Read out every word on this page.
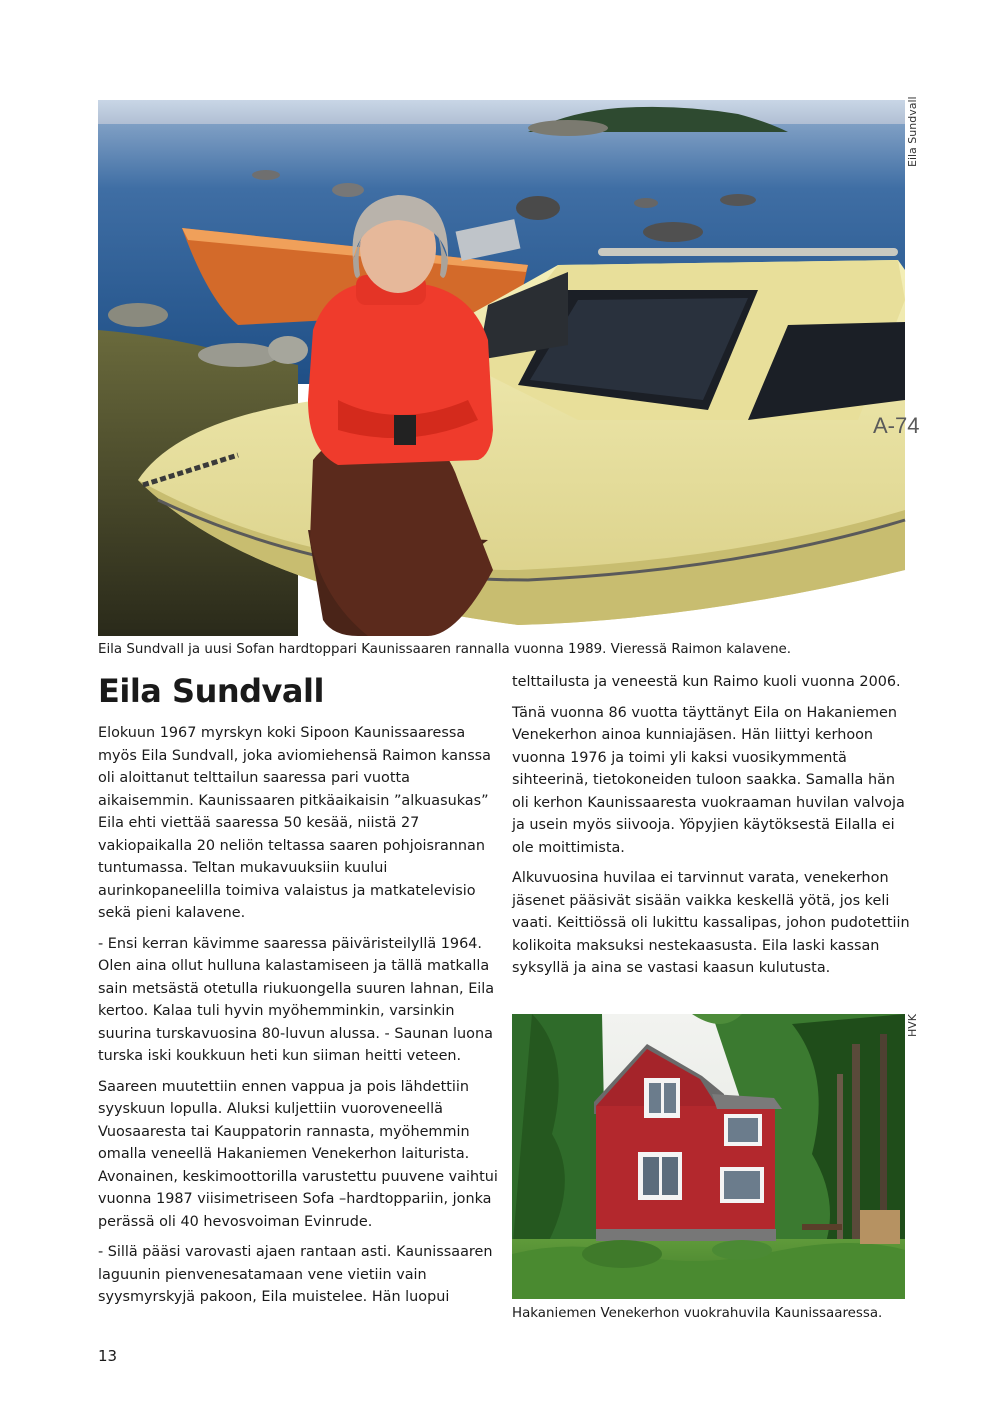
A-74
Eila Sundvall
Eila Sundvall ja uusi Sofan hardtoppari Kaunissaaren rannalla vuonna 1989. Vieressä Raimon kalavene.
Eila Sundvall

Elokuun 1967 myrskyn koki Sipoon Kaunissaaressa myös Eila Sundvall, joka aviomiehensä Raimon kanssa oli aloittanut telttailun saaressa pari vuotta aikaisemmin. Kaunissaaren pitkäaikaisin ”alkuasukas” Eila ehti viettää saaressa 50 kesää, niistä 27 vakiopaikalla 20 neliön teltassa saaren pohjoisrannan tuntumassa. Teltan mukavuuksiin kuului aurinkopaneelilla toimiva valaistus ja matkatelevisio sekä pieni kalavene.

- Ensi kerran kävimme saaressa päiväristeilyllä 1964. Olen aina ollut hulluna kalastamiseen ja tällä matkalla sain metsästä otetulla riukuongella suuren lahnan, Eila kertoo. Kalaa tuli hyvin myöhemminkin, varsinkin suurina turskavuosina 80-luvun alussa. - Saunan luona turska iski koukkuun heti kun siiman heitti veteen.

Saareen muutettiin ennen vappua ja pois lähdettiin syyskuun lopulla. Aluksi kuljettiin vuoroveneellä Vuosaaresta tai Kauppatorin rannasta, myöhemmin omalla veneellä Hakaniemen Venekerhon laiturista. Avonainen, keskimoottorilla varustettu puuvene vaihtui vuonna 1987 viisimetriseen Sofa –hardtoppariin, jonka perässä oli 40 hevosvoiman Evinrude.

- Sillä pääsi varovasti ajaen rantaan asti. Kaunissaaren laguunin pienvenesatamaan vene vietiin vain syysmyrskyjä pakoon, Eila muistelee. Hän luopui

telttailusta ja veneestä kun Raimo kuoli vuonna 2006.

Tänä vuonna 86 vuotta täyttänyt Eila on Hakaniemen Venekerhon ainoa kunniajäsen. Hän liittyi kerhoon vuonna 1976 ja toimi yli kaksi vuosikymmentä sihteerinä, tietokoneiden tuloon saakka. Samalla hän oli kerhon Kaunissaaresta vuokraaman huvilan valvoja ja usein myös siivooja. Yöpyjien käytöksestä Eilalla ei ole moittimista.

Alkuvuosina huvilaa ei tarvinnut varata, venekerhon jäsenet pääsivät sisään vaikka keskellä yötä, jos keli vaati. Keittiössä oli lukittu kassalipas, johon pudotettiin kolikoita maksuksi nestekaasusta. Eila laski kassan syksyllä ja aina se vastasi kaasun kulutusta.

HVK
Hakaniemen Venekerhon vuokrahuvila Kaunissaaressa.
13
